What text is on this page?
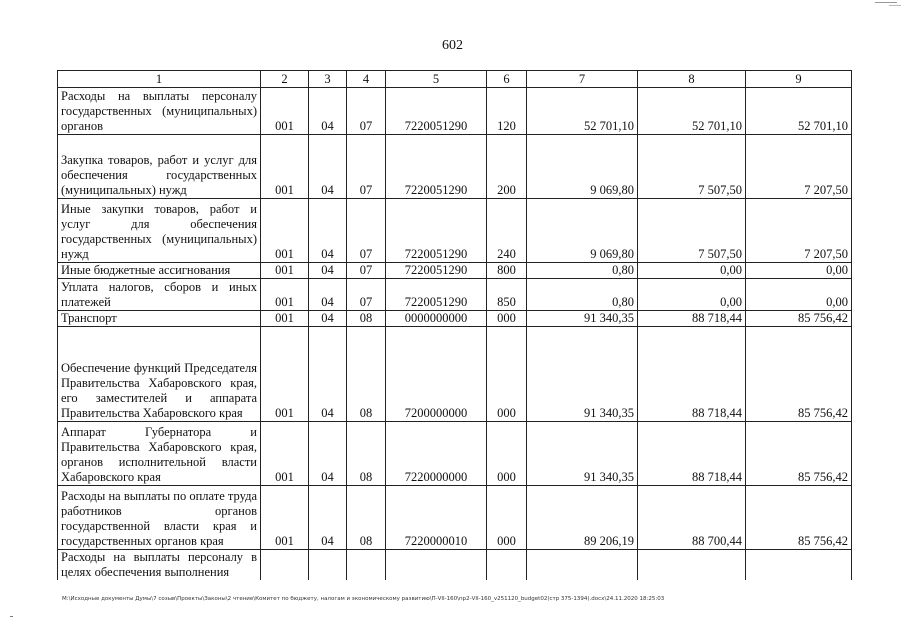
602
1	2	3	4	5	6	7	8	9
Расходы на выплаты персоналу государственных (муниципальных) органов	001	04	07	7220051290	120	52 701,10	52 701,10	52 701,10
Закупка товаров, работ и услуг для обеспечения государственных (муниципальных) нужд	001	04	07	7220051290	200	9 069,80	7 507,50	7 207,50
Иные закупки товаров, работ и услуг для обеспечения государственных (муниципальных) нужд	001	04	07	7220051290	240	9 069,80	7 507,50	7 207,50
Иные бюджетные ассигнования	001	04	07	7220051290	800	0,80	0,00	0,00
Уплата налогов, сборов и иных платежей	001	04	07	7220051290	850	0,80	0,00	0,00
Транспорт	001	04	08	0000000000	000	91 340,35	88 718,44	85 756,42
Обеспечение функций Председателя Правительства Хабаровского края, его заместителей и аппарата Правительства Хабаровского края	001	04	08	7200000000	000	91 340,35	88 718,44	85 756,42
Аппарат Губернатора и Правительства Хабаровского края, органов исполнительной власти Хабаровского края	001	04	08	7220000000	000	91 340,35	88 718,44	85 756,42
Расходы на выплаты по оплате труда работников органов государственной власти края и государственных органов края	001	04	08	7220000010	000	89 206,19	88 700,44	85 756,42
Расходы на выплаты персоналу в целях обеспечения выполнения								
M:\Исходные документы Думы\7 созыв\Проекты\Законы\2 чтение\Комитет по бюджету, налогам и экономическому развитию\П-VII-160\пр2-VII-160_v251120_budget02(стр 375-1394).docx\24.11.2020 18:25:03
